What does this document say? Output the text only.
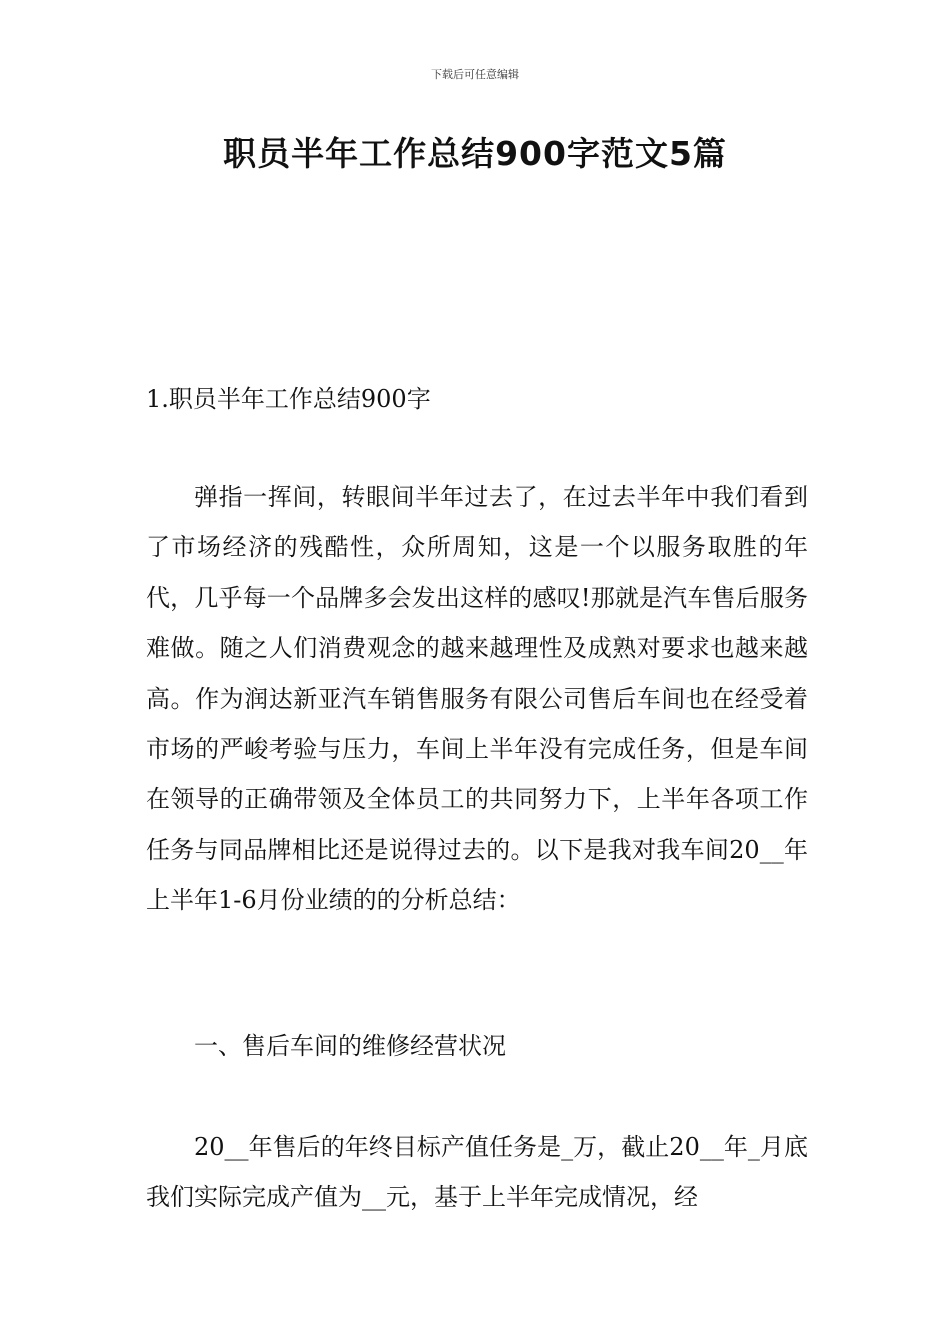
下载后可任意编辑
职员半年工作总结900字范文5篇
1.职员半年工作总结900字

弹指一挥间，转眼间半年过去了，在过去半年中我们看到了市场经济的残酷性，众所周知，这是一个以服务取胜的年代，几乎每一个品牌多会发出这样的感叹!那就是汽车售后服务难做。随之人们消费观念的越来越理性及成熟对要求也越来越高。作为润达新亚汽车销售服务有限公司售后车间也在经受着市场的严峻考验与压力，车间上半年没有完成任务，但是车间在领导的正确带领及全体员工的共同努力下，上半年各项工作任务与同品牌相比还是说得过去的。以下是我对我车间20__年上半年1-6月份业绩的的分析总结：

一、售后车间的维修经营状况

20__年售后的年终目标产值任务是_万，截止20__年_月底我们实际完成产值为__元，基于上半年完成情况，经
